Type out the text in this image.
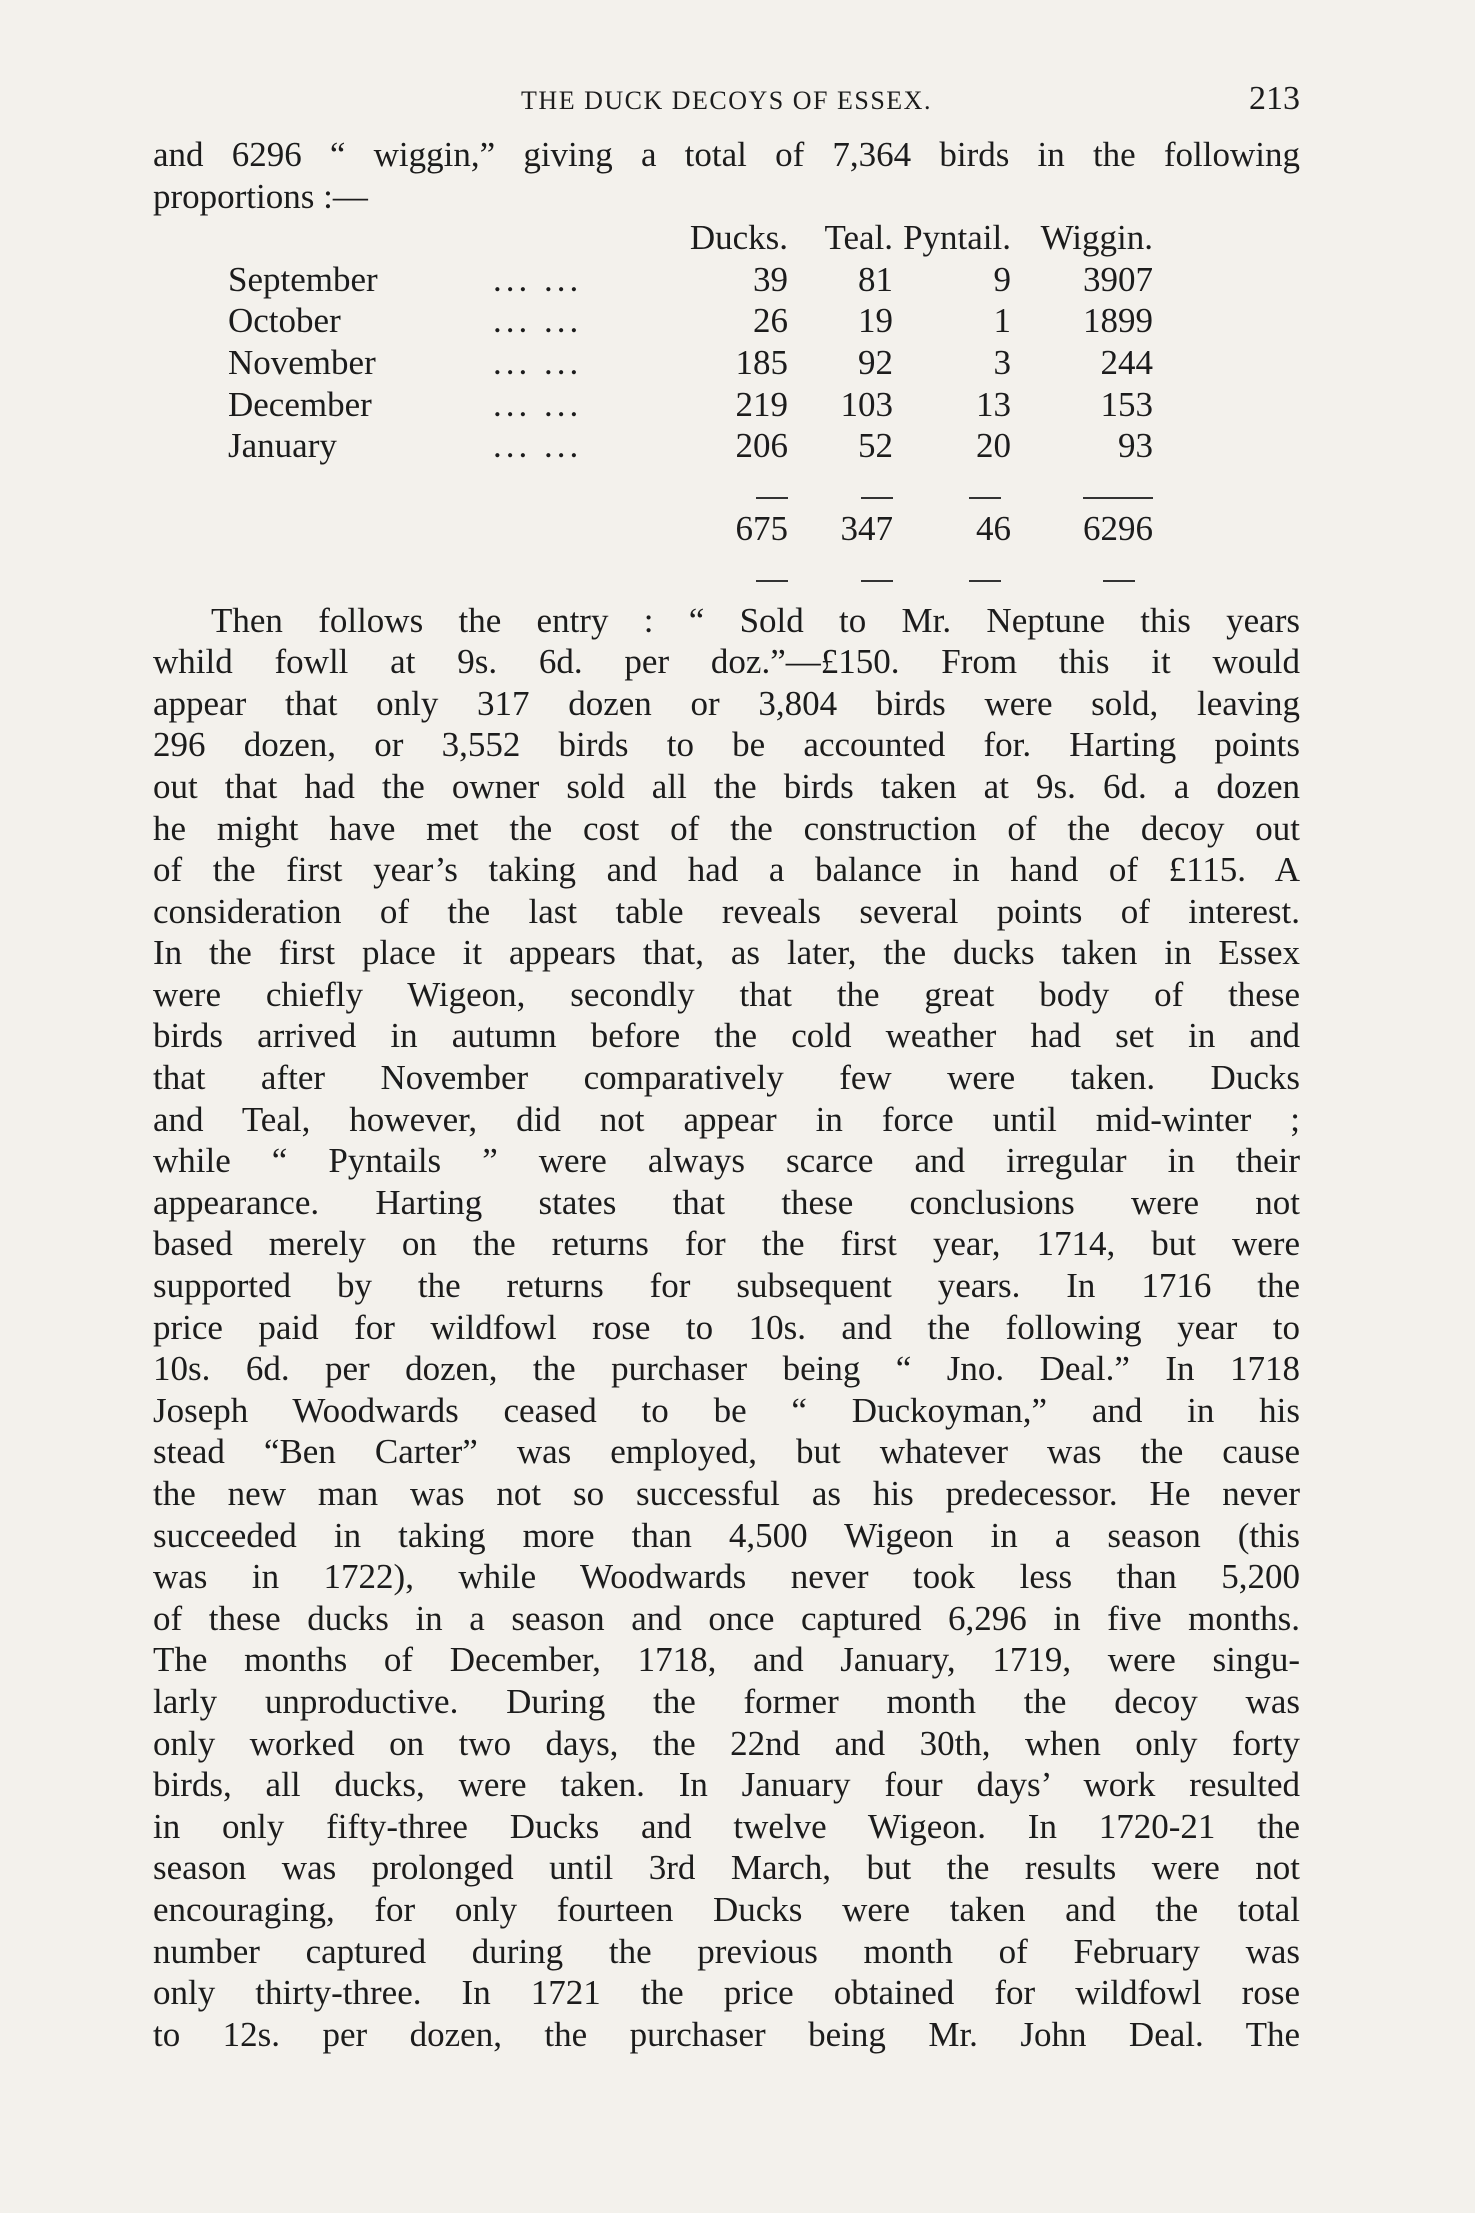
THE DUCK DECOYS OF ESSEX.	213
and 6296 “ wiggin,” giving a total of 7,364 birds in the following
proportions :—
		Ducks.	Teal.	Pyntail.	Wiggin.
September	... ...	39	81	9	3907
October	... ...	26	19	1	1899
November	... ...	185	92	3	244
December	... ...	219	103	13	153
January	... ...	206	52	20	93

		675	347	46	6296

Then follows the entry : “ Sold to Mr. Neptune this years
whild fowll at 9s. 6d. per doz.”—£150. From this it would
appear that only 317 dozen or 3,804 birds were sold, leaving
296 dozen, or 3,552 birds to be accounted for. Harting points
out that had the owner sold all the birds taken at 9s. 6d. a dozen
he might have met the cost of the construction of the decoy out
of the first year’s taking and had a balance in hand of £115. A
consideration of the last table reveals several points of interest.
In the first place it appears that, as later, the ducks taken in Essex
were chiefly Wigeon, secondly that the great body of these
birds arrived in autumn before the cold weather had set in and
that after November comparatively few were taken. Ducks
and Teal, however, did not appear in force until mid-winter ;
while “ Pyntails ” were always scarce and irregular in their
appearance. Harting states that these conclusions were not
based merely on the returns for the first year, 1714, but were
supported by the returns for subsequent years. In 1716 the
price paid for wildfowl rose to 10s. and the following year to
10s. 6d. per dozen, the purchaser being “ Jno. Deal.” In 1718
Joseph Woodwards ceased to be “ Duckoyman,” and in his
stead “Ben Carter” was employed, but whatever was the cause
the new man was not so successful as his predecessor. He never
succeeded in taking more than 4,500 Wigeon in a season (this
was in 1722), while Woodwards never took less than 5,200
of these ducks in a season and once captured 6,296 in five months.
The months of December, 1718, and January, 1719, were singu-
larly unproductive. During the former month the decoy was
only worked on two days, the 22nd and 30th, when only forty
birds, all ducks, were taken. In January four days’ work resulted
in only fifty-three Ducks and twelve Wigeon. In 1720-21 the
season was prolonged until 3rd March, but the results were not
encouraging, for only fourteen Ducks were taken and the total
number captured during the previous month of February was
only thirty-three. In 1721 the price obtained for wildfowl rose
to 12s. per dozen, the purchaser being Mr. John Deal. The
